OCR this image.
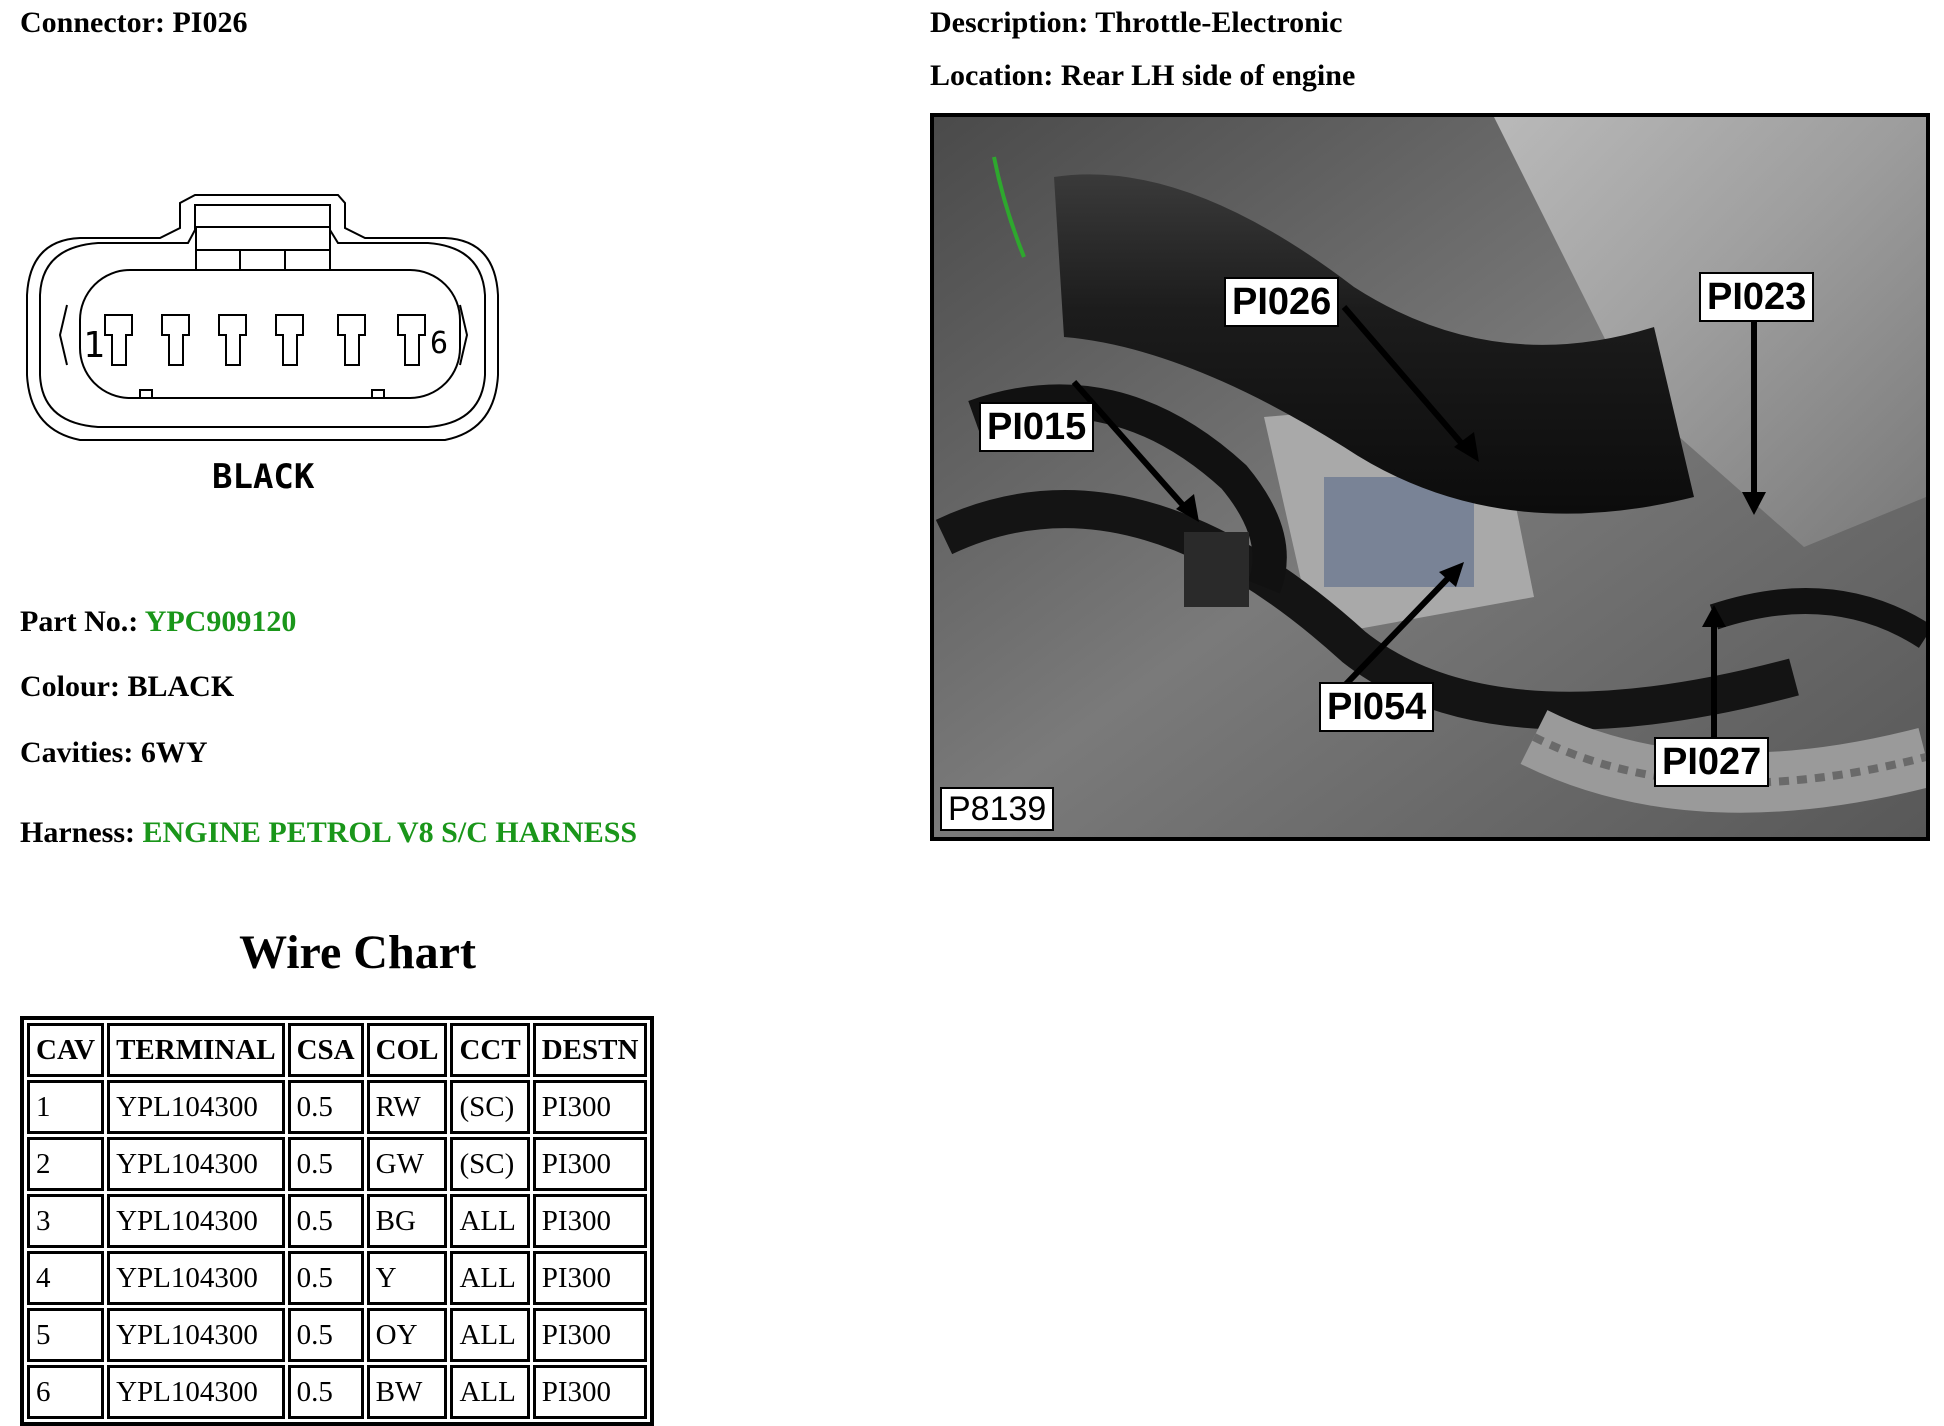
Connector: PI026
1	6
BLACK
Part No.: YPC909120
Colour: BLACK
Cavities: 6WY
Harness: ENGINE PETROL V8 S/C HARNESS
Wire Chart
CAV	TERMINAL	CSA	COL	CCT	DESTN
1	YPL104300	0.5	RW	(SC)	PI300
2	YPL104300	0.5	GW	(SC)	PI300
3	YPL104300	0.5	BG	ALL	PI300
4	YPL104300	0.5	Y	ALL	PI300
5	YPL104300	0.5	OY	ALL	PI300
6	YPL104300	0.5	BW	ALL	PI300
Description: Throttle-Electronic
Location: Rear LH side of engine
PI026	PI023
PI015
PI054
PI027
P8139
